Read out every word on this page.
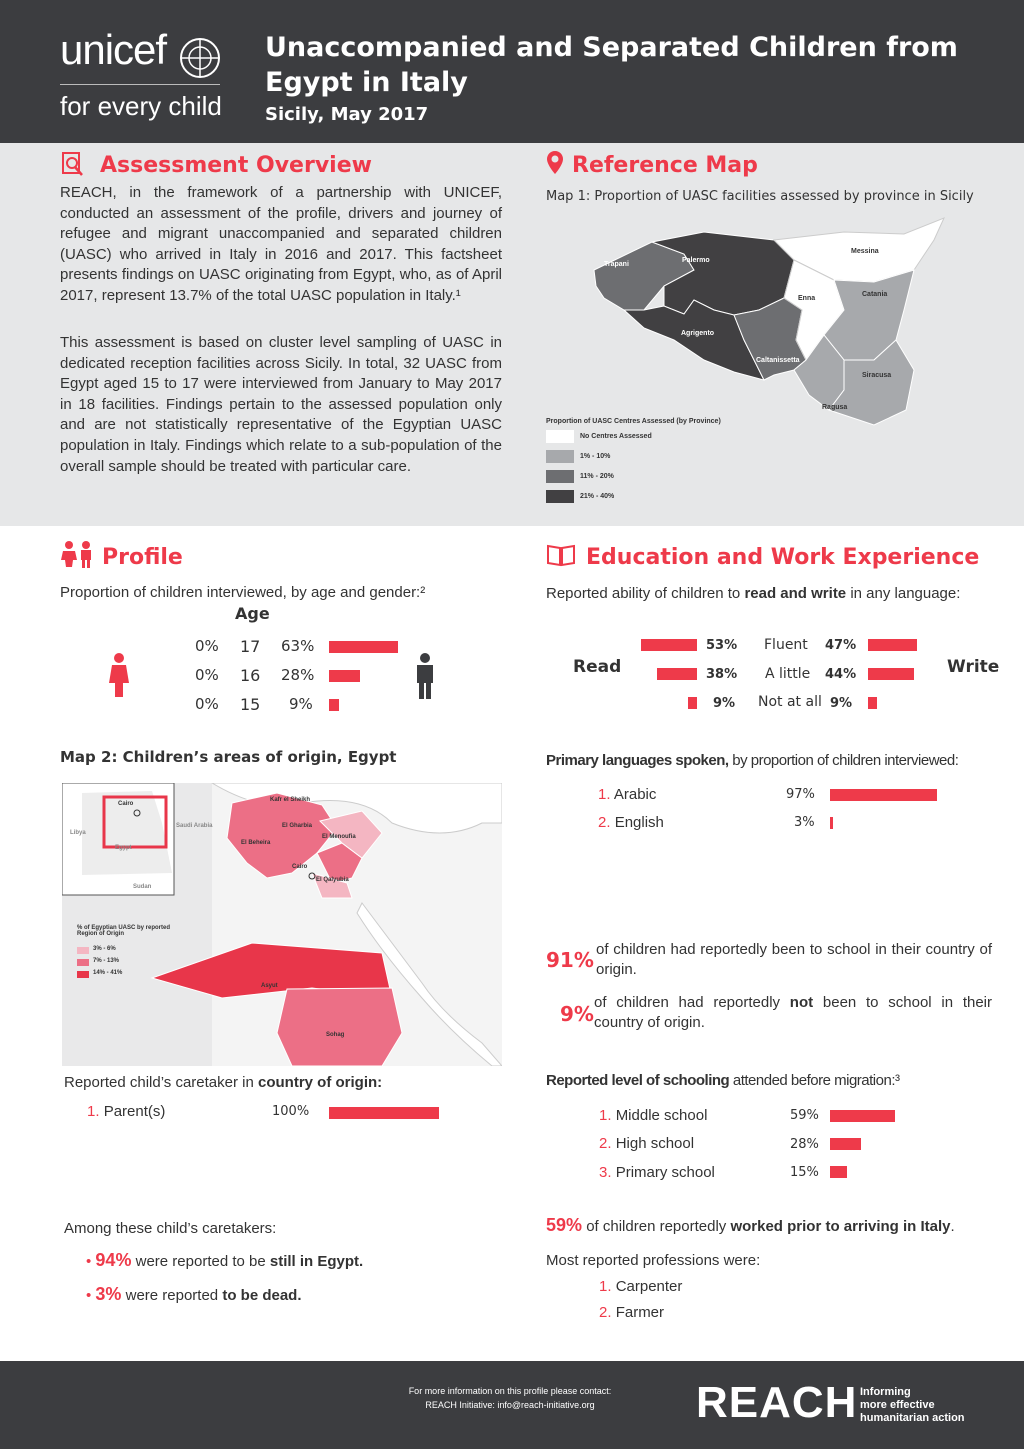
unicef
for every child
Unaccompanied and Separated Children from Egypt in Italy
Sicily, May 2017
Assessment Overview
REACH, in the framework of a partnership with UNICEF, conducted an assessment of the profile, drivers and journey of refugee and migrant unaccompanied and separated children (UASC) who arrived in Italy in 2016 and 2017. This factsheet presents findings on UASC originating from Egypt, who, as of April 2017, represent 13.7% of the total UASC population in Italy.¹
This assessment is based on cluster level sampling of UASC in dedicated reception facilities across Sicily. In total, 32 UASC from Egypt aged 15 to 17 were interviewed from January to May 2017 in 18 facilities. Findings pertain to the assessed population only and are not statistically representative of the Egyptian UASC population in Italy. Findings which relate to a sub-population of the overall sample should be treated with particular care.
Reference Map
Map 1: Proportion of UASC facilities assessed by province in Sicily
Trapani
Palermo
Messina
Agrigento
Caltanissetta
Enna
Catania
Ragusa
Siracusa
Proportion of UASC Centres Assessed (by Province)
No Centres Assessed
1% - 10%
11% - 20%
21% - 40%
Profile
Proportion of children interviewed, by age and gender:²
Age
0% 17 63%
0% 16 28%
0% 15 9%
Map 2: Children’s areas of origin, Egypt
Cairo
Libya
Egypt
Saudi Arabia
Sudan
Kafr el Sheikh
El Gharbia
El Beheira
El Menoufia
Cairo
El Qalyubia
Asyut
Sohag
% of Egyptian UASC by reported Region of Origin
3% - 6%
7% - 13%
14% - 41%
Reported child’s caretaker in country of origin:
1. Parent(s)	100%
Among these child’s caretakers:
• 94% were reported to be still in Egypt.
• 3% were reported to be dead.
Education and Work Experience
Reported ability of children to read and write in any language:
Read	Write
53% Fluent 47%
38% A little 44%
9% Not at all 9%
Primary languages spoken, by proportion of children interviewed:
1. Arabic	97%
2. English	3%
91% of children had reportedly been to school in their country of origin.
9% of children had reportedly not been to school in their country of origin.
Reported level of schooling attended before migration:³
1. Middle school	59%
2. High school	28%
3. Primary school	15%
59% of children reportedly worked prior to arriving in Italy.
Most reported professions were:
1. Carpenter
2. Farmer
For more information on this profile please contact:
REACH Initiative: info@reach-initiative.org	REACH Informing
more effective
humanitarian action
